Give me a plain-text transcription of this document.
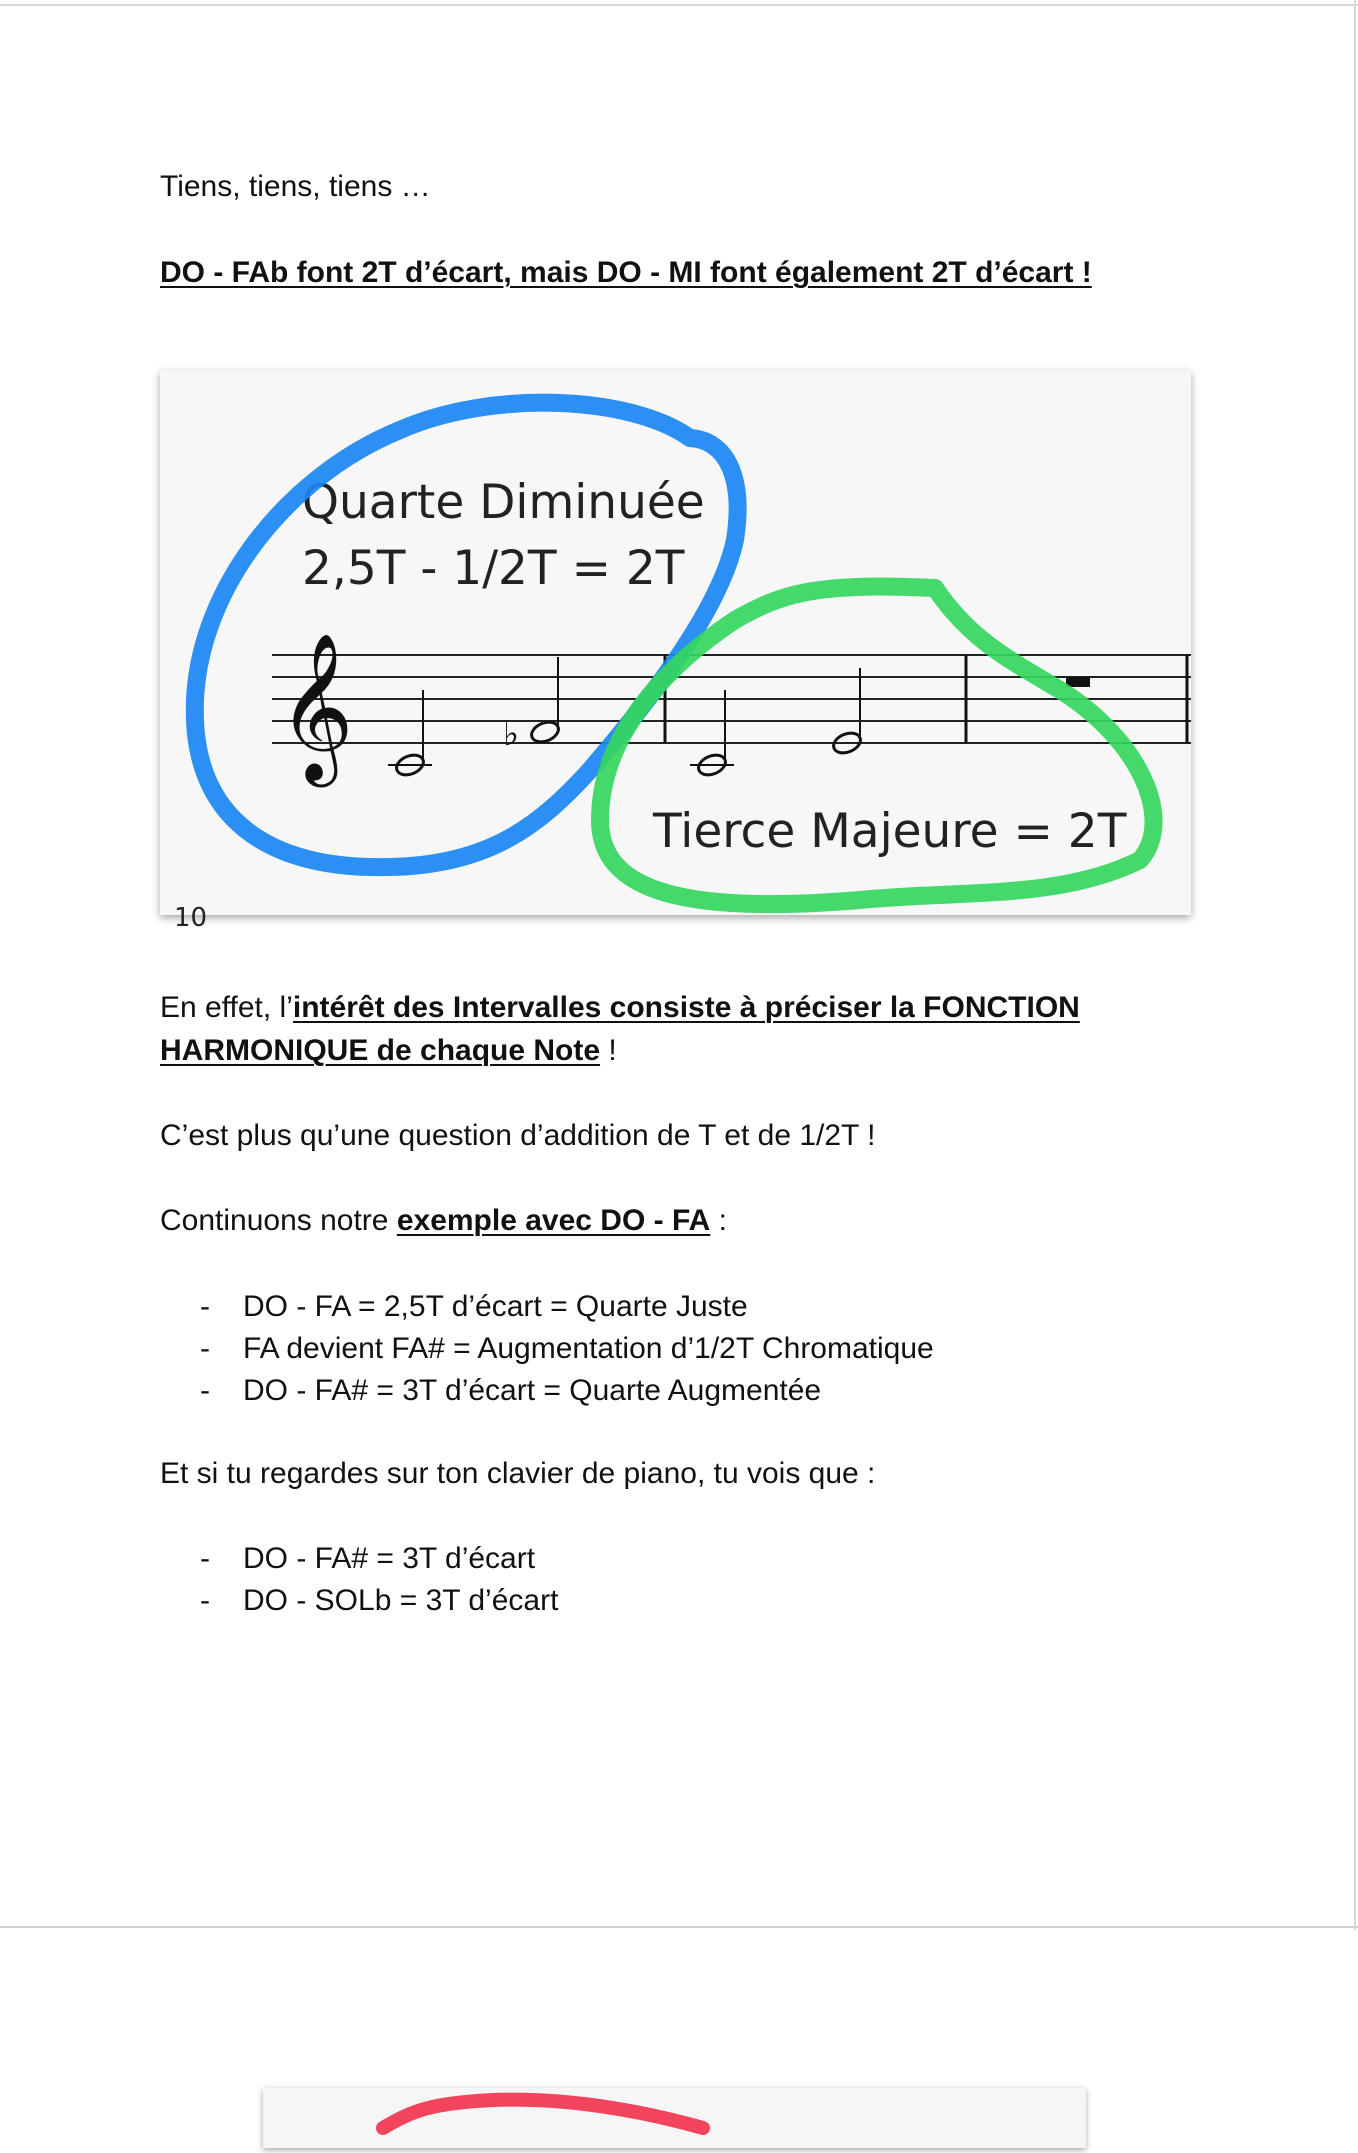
Tiens, tiens, tiens …

DO - FAb font 2T d’écart, mais DO - MI font également 2T d’écart !

𝄞	♭
Quarte Diminuée
2,5T - 1/2T = 2T
Tierce Majeure = 2T
10

En effet, l’intérêt des Intervalles consiste à préciser la FONCTION

HARMONIQUE de chaque Note !

C’est plus qu’une question d’addition de T et de 1/2T !

Continuons notre exemple avec DO - FA :

- DO - FA = 2,5T d’écart = Quarte Juste
- FA devient FA# = Augmentation d’1/2T Chromatique
- DO - FA# = 3T d’écart = Quarte Augmentée

Et si tu regardes sur ton clavier de piano, tu vois que :

- DO - FA# = 3T d’écart
- DO - SOLb = 3T d’écart
